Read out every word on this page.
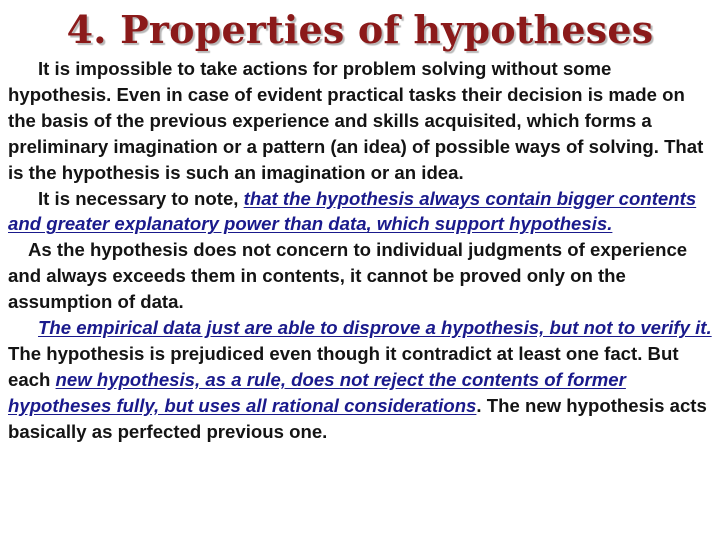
4. Properties of hypotheses

It is impossible to take actions for problem solving without some hypothesis. Even in case of evident practical tasks their decision is made on the basis of the previous experience and skills acquisited, which forms a preliminary imagination or a pattern (an idea) of possible ways of solving. That is the hypothesis is such an imagination or an idea.

It is necessary to note, that the hypothesis always contain bigger contents and greater explanatory power than data, which support hypothesis.

As the hypothesis does not concern to individual judgments of experience and always exceeds them in contents, it cannot be proved only on the assumption of data.

The empirical data just are able to disprove a hypothesis, but not to verify it. The hypothesis is prejudiced even though it contradict at least one fact. But each new hypothesis, as a rule, does not reject the contents of former hypotheses fully, but uses all rational considerations. The new hypothesis acts basically as perfected previous one.
